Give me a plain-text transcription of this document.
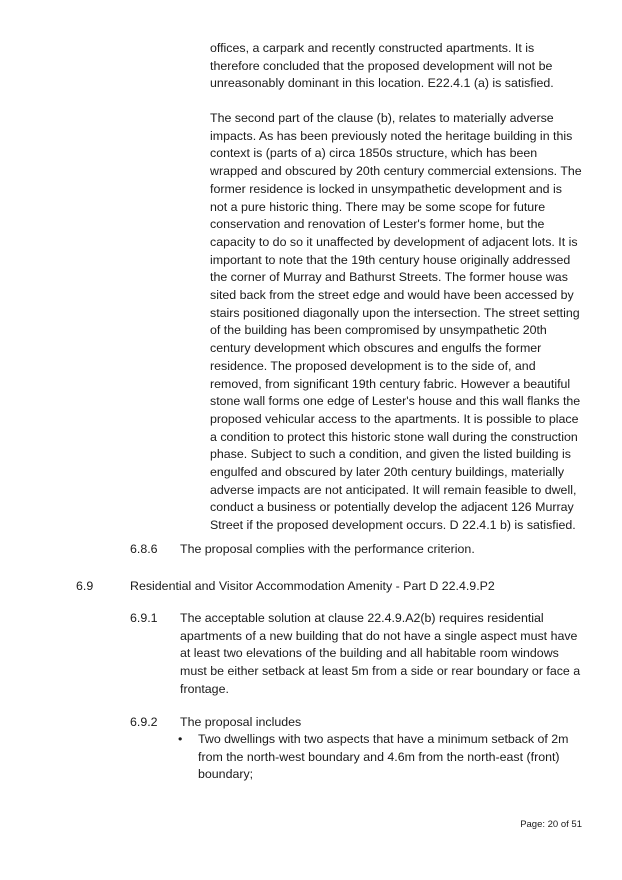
offices, a carpark and recently constructed apartments. It is therefore concluded that the proposed development will not be unreasonably dominant in this location. E22.4.1 (a) is satisfied.

The second part of the clause (b), relates to materially adverse impacts. As has been previously noted the heritage building in this context is (parts of a) circa 1850s structure, which has been wrapped and obscured by 20th century commercial extensions. The former residence is locked in unsympathetic development and is not a pure historic thing. There may be some scope for future conservation and renovation of Lester's former home, but the capacity to do so it unaffected by development of adjacent lots. It is important to note that the 19th century house originally addressed the corner of Murray and Bathurst Streets. The former house was sited back from the street edge and would have been accessed by stairs positioned diagonally upon the intersection. The street setting of the building has been compromised by unsympathetic 20th century development which obscures and engulfs the former residence. The proposed development is to the side of, and removed, from significant 19th century fabric. However a beautiful stone wall forms one edge of Lester's house and this wall flanks the proposed vehicular access to the apartments. It is possible to place a condition to protect this historic stone wall during the construction phase. Subject to such a condition, and given the listed building is engulfed and obscured by later 20th century buildings, materially adverse impacts are not anticipated. It will remain feasible to dwell, conduct a business or potentially develop the adjacent 126 Murray Street if the proposed development occurs. D 22.4.1 b) is satisfied.

6.8.6 The proposal complies with the performance criterion.

6.9	Residential and Visitor Accommodation Amenity - Part D 22.4.9.P2

6.9.1 The acceptable solution at clause 22.4.9.A2(b) requires residential apartments of a new building that do not have a single aspect must have at least two elevations of the building and all habitable room windows must be either setback at least 5m from a side or rear boundary or face a frontage.

6.9.2 The proposal includes

• Two dwellings with two aspects that have a minimum setback of 2m from the north-west boundary and 4.6m from the north-east (front) boundary;

Page: 20 of 51
